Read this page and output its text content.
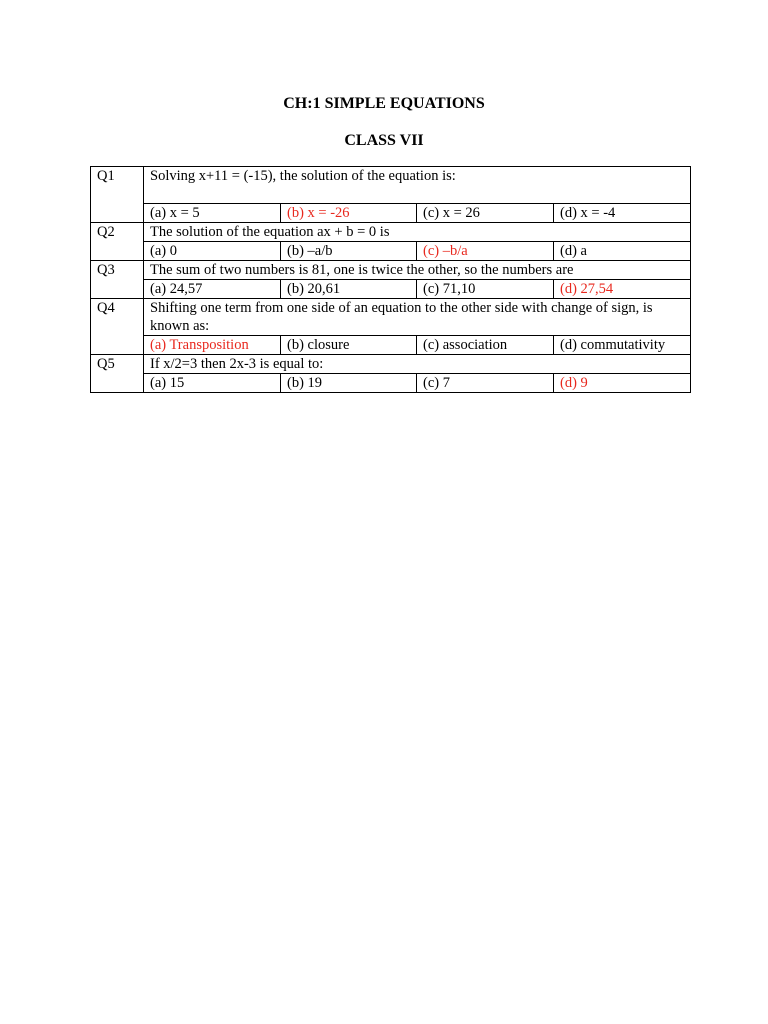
CH:1 SIMPLE EQUATIONS
CLASS VII
Q1	Solving x+11 = (-15), the solution of the equation is:			
	(a) x = 5	(b) x = -26	(c) x = 26	(d) x = -4
Q2	The solution of the equation ax + b = 0 is			
	(a) 0	(b) –a/b	(c) –b/a	(d) a
Q3	The sum of two numbers is 81, one is twice the other, so the numbers are			
	(a) 24,57	(b) 20,61	(c) 71,10	(d) 27,54
Q4	Shifting one term from one side of an equation to the other side with change of sign, is known as:			
	(a) Transposition	(b) closure	(c) association	(d) commutativity
Q5	If x/2=3 then 2x-3 is equal to:			
	(a) 15	(b) 19	(c) 7	(d) 9
